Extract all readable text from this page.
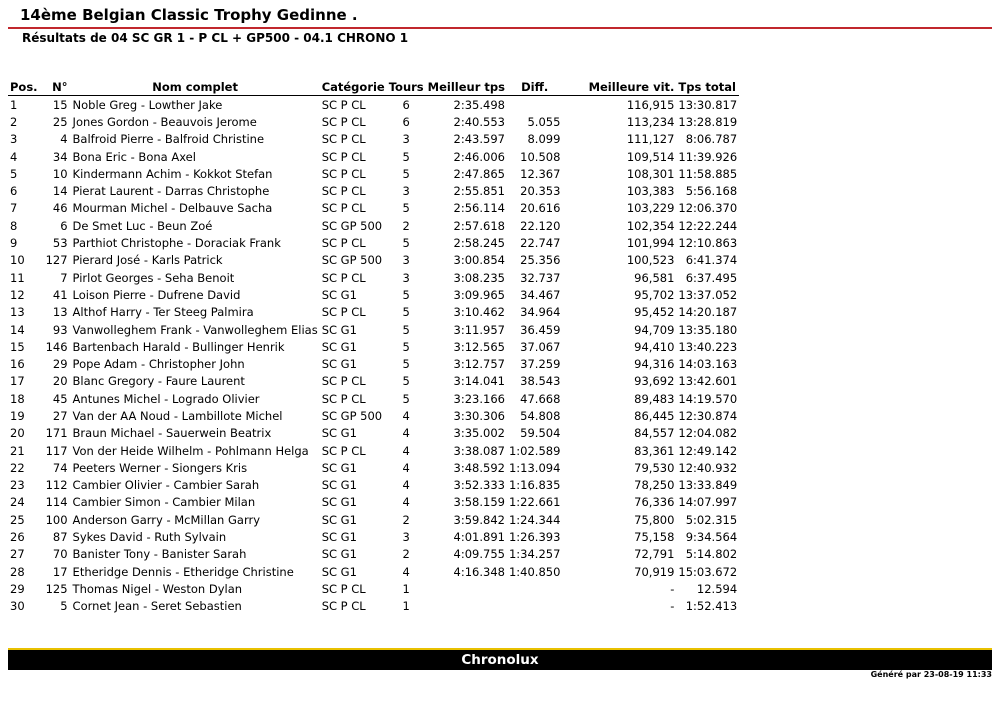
14ème Belgian Classic Trophy Gedinne .
Résultats de 04 SC GR 1 - P CL + GP500 - 04.1 CHRONO 1
Pos.	N°	Nom complet	Catégorie	Tours	Meilleur tps	Diff.	Meilleure vit.	Tps total
1	15	Noble Greg - Lowther Jake	SC P CL	6	2:35.498		116,915	13:30.817
2	25	Jones Gordon - Beauvois Jerome	SC P CL	6	2:40.553	5.055	113,234	13:28.819
3	4	Balfroid Pierre - Balfroid Christine	SC P CL	3	2:43.597	8.099	111,127	8:06.787
4	34	Bona Eric - Bona Axel	SC P CL	5	2:46.006	10.508	109,514	11:39.926
5	10	Kindermann Achim - Kokkot Stefan	SC P CL	5	2:47.865	12.367	108,301	11:58.885
6	14	Pierat Laurent - Darras Christophe	SC P CL	3	2:55.851	20.353	103,383	5:56.168
7	46	Mourman Michel - Delbauve Sacha	SC P CL	5	2:56.114	20.616	103,229	12:06.370
8	6	De Smet Luc - Beun Zoé	SC GP 500	2	2:57.618	22.120	102,354	12:22.244
9	53	Parthiot Christophe - Doraciak Frank	SC P CL	5	2:58.245	22.747	101,994	12:10.863
10	127	Pierard José - Karls Patrick	SC GP 500	3	3:00.854	25.356	100,523	6:41.374
11	7	Pirlot Georges - Seha Benoit	SC P CL	3	3:08.235	32.737	96,581	6:37.495
12	41	Loison Pierre - Dufrene David	SC G1	5	3:09.965	34.467	95,702	13:37.052
13	13	Althof Harry - Ter Steeg Palmira	SC P CL	5	3:10.462	34.964	95,452	14:20.187
14	93	Vanwolleghem Frank - Vanwolleghem Elias	SC G1	5	3:11.957	36.459	94,709	13:35.180
15	146	Bartenbach Harald - Bullinger Henrik	SC G1	5	3:12.565	37.067	94,410	13:40.223
16	29	Pope Adam - Christopher John	SC G1	5	3:12.757	37.259	94,316	14:03.163
17	20	Blanc Gregory - Faure Laurent	SC P CL	5	3:14.041	38.543	93,692	13:42.601
18	45	Antunes Michel - Logrado Olivier	SC P CL	5	3:23.166	47.668	89,483	14:19.570
19	27	Van der AA Noud - Lambillote Michel	SC GP 500	4	3:30.306	54.808	86,445	12:30.874
20	171	Braun Michael - Sauerwein Beatrix	SC G1	4	3:35.002	59.504	84,557	12:04.082
21	117	Von der Heide Wilhelm - Pohlmann Helga	SC P CL	4	3:38.087	1:02.589	83,361	12:49.142
22	74	Peeters Werner - Siongers Kris	SC G1	4	3:48.592	1:13.094	79,530	12:40.932
23	112	Cambier Olivier - Cambier Sarah	SC G1	4	3:52.333	1:16.835	78,250	13:33.849
24	114	Cambier Simon - Cambier Milan	SC G1	4	3:58.159	1:22.661	76,336	14:07.997
25	100	Anderson Garry - McMillan Garry	SC G1	2	3:59.842	1:24.344	75,800	5:02.315
26	87	Sykes David - Ruth Sylvain	SC G1	3	4:01.891	1:26.393	75,158	9:34.564
27	70	Banister Tony - Banister Sarah	SC G1	2	4:09.755	1:34.257	72,791	5:14.802
28	17	Etheridge Dennis - Etheridge Christine	SC G1	4	4:16.348	1:40.850	70,919	15:03.672
29	125	Thomas Nigel - Weston Dylan	SC P CL	1			-	12.594
30	5	Cornet Jean - Seret Sebastien	SC P CL	1			-	1:52.413
Chronolux
Généré par 23-08-19 11:33
